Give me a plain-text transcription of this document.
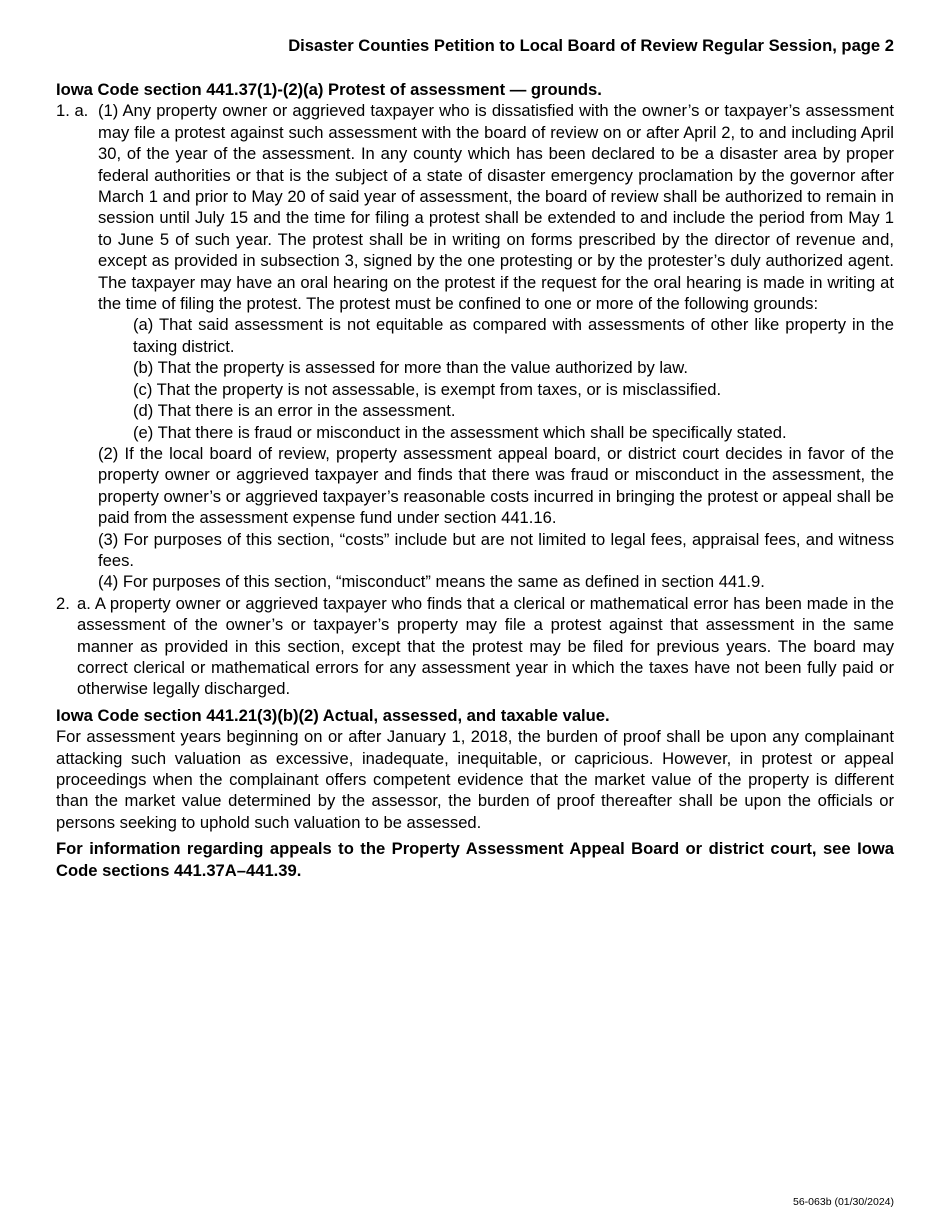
Disaster Counties Petition to Local Board of Review Regular Session, page 2

Iowa Code section 441.37(1)-(2)(a) Protest of assessment — grounds.

1. a. (1) Any property owner or aggrieved taxpayer who is dissatisfied with the owner’s or taxpayer’s assessment may file a protest against such assessment with the board of review on or after April 2, to and including April 30, of the year of the assessment. In any county which has been declared to be a disaster area by proper federal authorities or that is the subject of a state of disaster emergency proclamation by the governor after March 1 and prior to May 20 of said year of assessment, the board of review shall be authorized to remain in session until July 15 and the time for filing a protest shall be extended to and include the period from May 1 to June 5 of such year. The protest shall be in writing on forms prescribed by the director of revenue and, except as provided in subsection 3, signed by the one protesting or by the protester’s duly authorized agent. The taxpayer may have an oral hearing on the protest if the request for the oral hearing is made in writing at the time of filing the protest. The protest must be confined to one or more of the following grounds:

(a) That said assessment is not equitable as compared with assessments of other like property in the taxing district.

(b) That the property is assessed for more than the value authorized by law.

(c) That the property is not assessable, is exempt from taxes, or is misclassified.

(d) That there is an error in the assessment.

(e) That there is fraud or misconduct in the assessment which shall be specifically stated.

(2) If the local board of review, property assessment appeal board, or district court decides in favor of the property owner or aggrieved taxpayer and finds that there was fraud or misconduct in the assessment, the property owner’s or aggrieved taxpayer’s reasonable costs incurred in bringing the protest or appeal shall be paid from the assessment expense fund under section 441.16.

(3) For purposes of this section, “costs” include but are not limited to legal fees, appraisal fees, and witness fees.

(4) For purposes of this section, “misconduct” means the same as defined in section 441.9.

2. a. A property owner or aggrieved taxpayer who finds that a clerical or mathematical error has been made in the assessment of the owner’s or taxpayer’s property may file a protest against that assessment in the same manner as provided in this section, except that the protest may be filed for previous years. The board may correct clerical or mathematical errors for any assessment year in which the taxes have not been fully paid or otherwise legally discharged.

Iowa Code section 441.21(3)(b)(2) Actual, assessed, and taxable value.

For assessment years beginning on or after January 1, 2018, the burden of proof shall be upon any complainant attacking such valuation as excessive, inadequate, inequitable, or capricious. However, in protest or appeal proceedings when the complainant offers competent evidence that the market value of the property is different than the market value determined by the assessor, the burden of proof thereafter shall be upon the officials or persons seeking to uphold such valuation to be assessed.

For information regarding appeals to the Property Assessment Appeal Board or district court, see Iowa Code sections 441.37A–441.39.

56-063b (01/30/2024)
